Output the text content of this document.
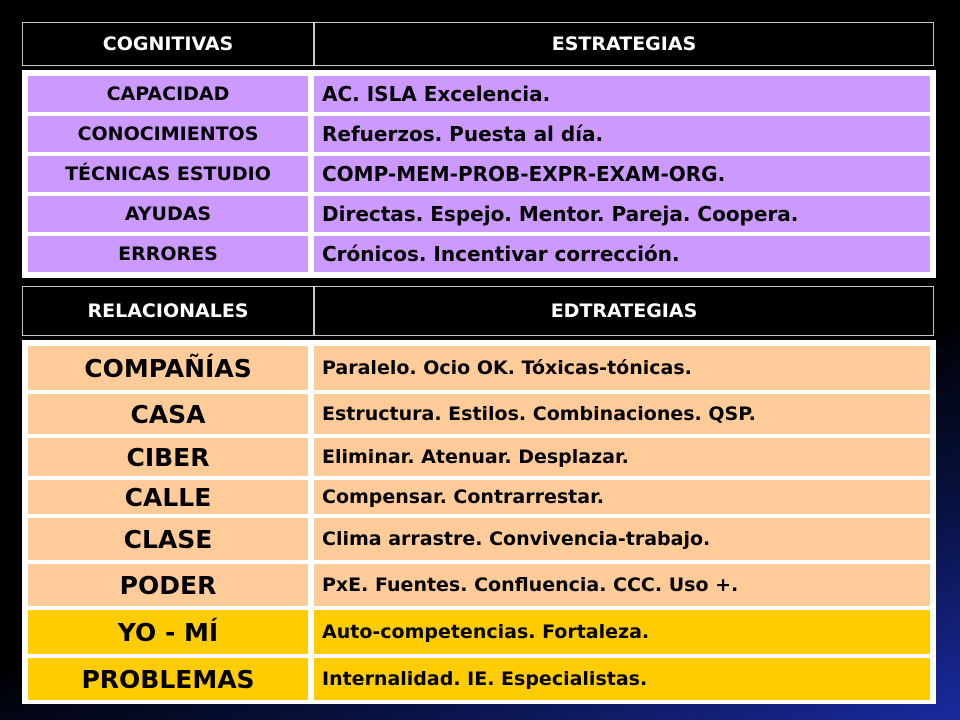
COGNITIVAS	ESTRATEGIAS
CAPACIDAD	AC. ISLA Excelencia.
CONOCIMIENTOS	Refuerzos. Puesta al día.
TÉCNICAS ESTUDIO	COMP-MEM-PROB-EXPR-EXAM-ORG.
AYUDAS	Directas. Espejo. Mentor. Pareja. Coopera.
ERRORES	Crónicos. Incentivar corrección.
RELACIONALES	EDTRATEGIAS
COMPAÑÍAS	Paralelo. Ocio OK. Tóxicas-tónicas.
CASA	Estructura. Estilos. Combinaciones. QSP.
CIBER	Eliminar. Atenuar. Desplazar.
CALLE	Compensar. Contrarrestar.
CLASE	Clima arrastre. Convivencia-trabajo.
PODER	PxE. Fuentes. Confluencia. CCC. Uso +.
YO - MÍ	Auto-competencias. Fortaleza.
PROBLEMAS	Internalidad. IE. Especialistas.
